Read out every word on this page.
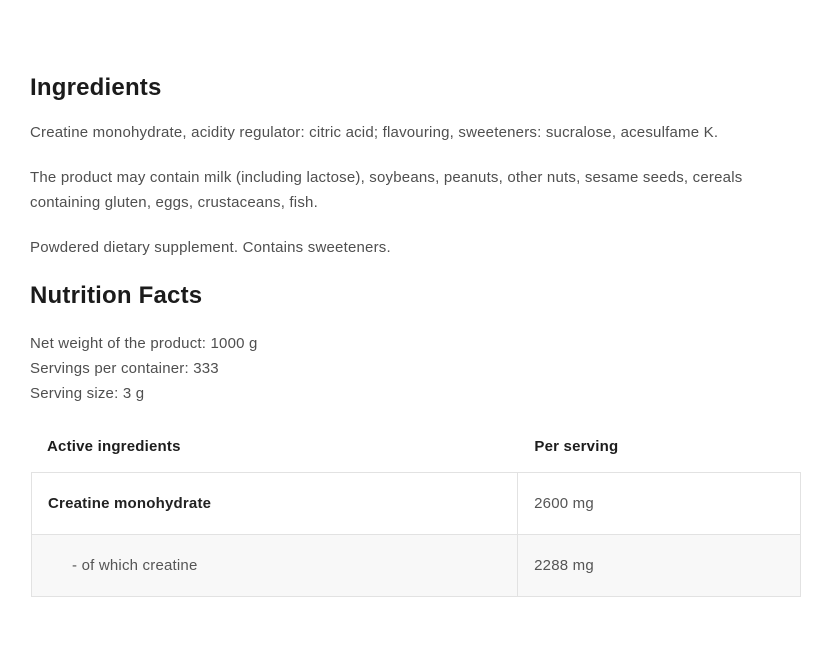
Ingredients

Creatine monohydrate, acidity regulator: citric acid; flavouring, sweeteners: sucralose, acesulfame K.

The product may contain milk (including lactose), soybeans, peanuts, other nuts, sesame seeds, cereals containing gluten, eggs, crustaceans, fish.

Powdered dietary supplement. Contains sweeteners.

Nutrition Facts

Net weight of the product: 1000 g

Servings per container: 333

Serving size: 3 g

Active ingredients	Per serving
Creatine monohydrate	2600 mg
- of which creatine	2288 mg
